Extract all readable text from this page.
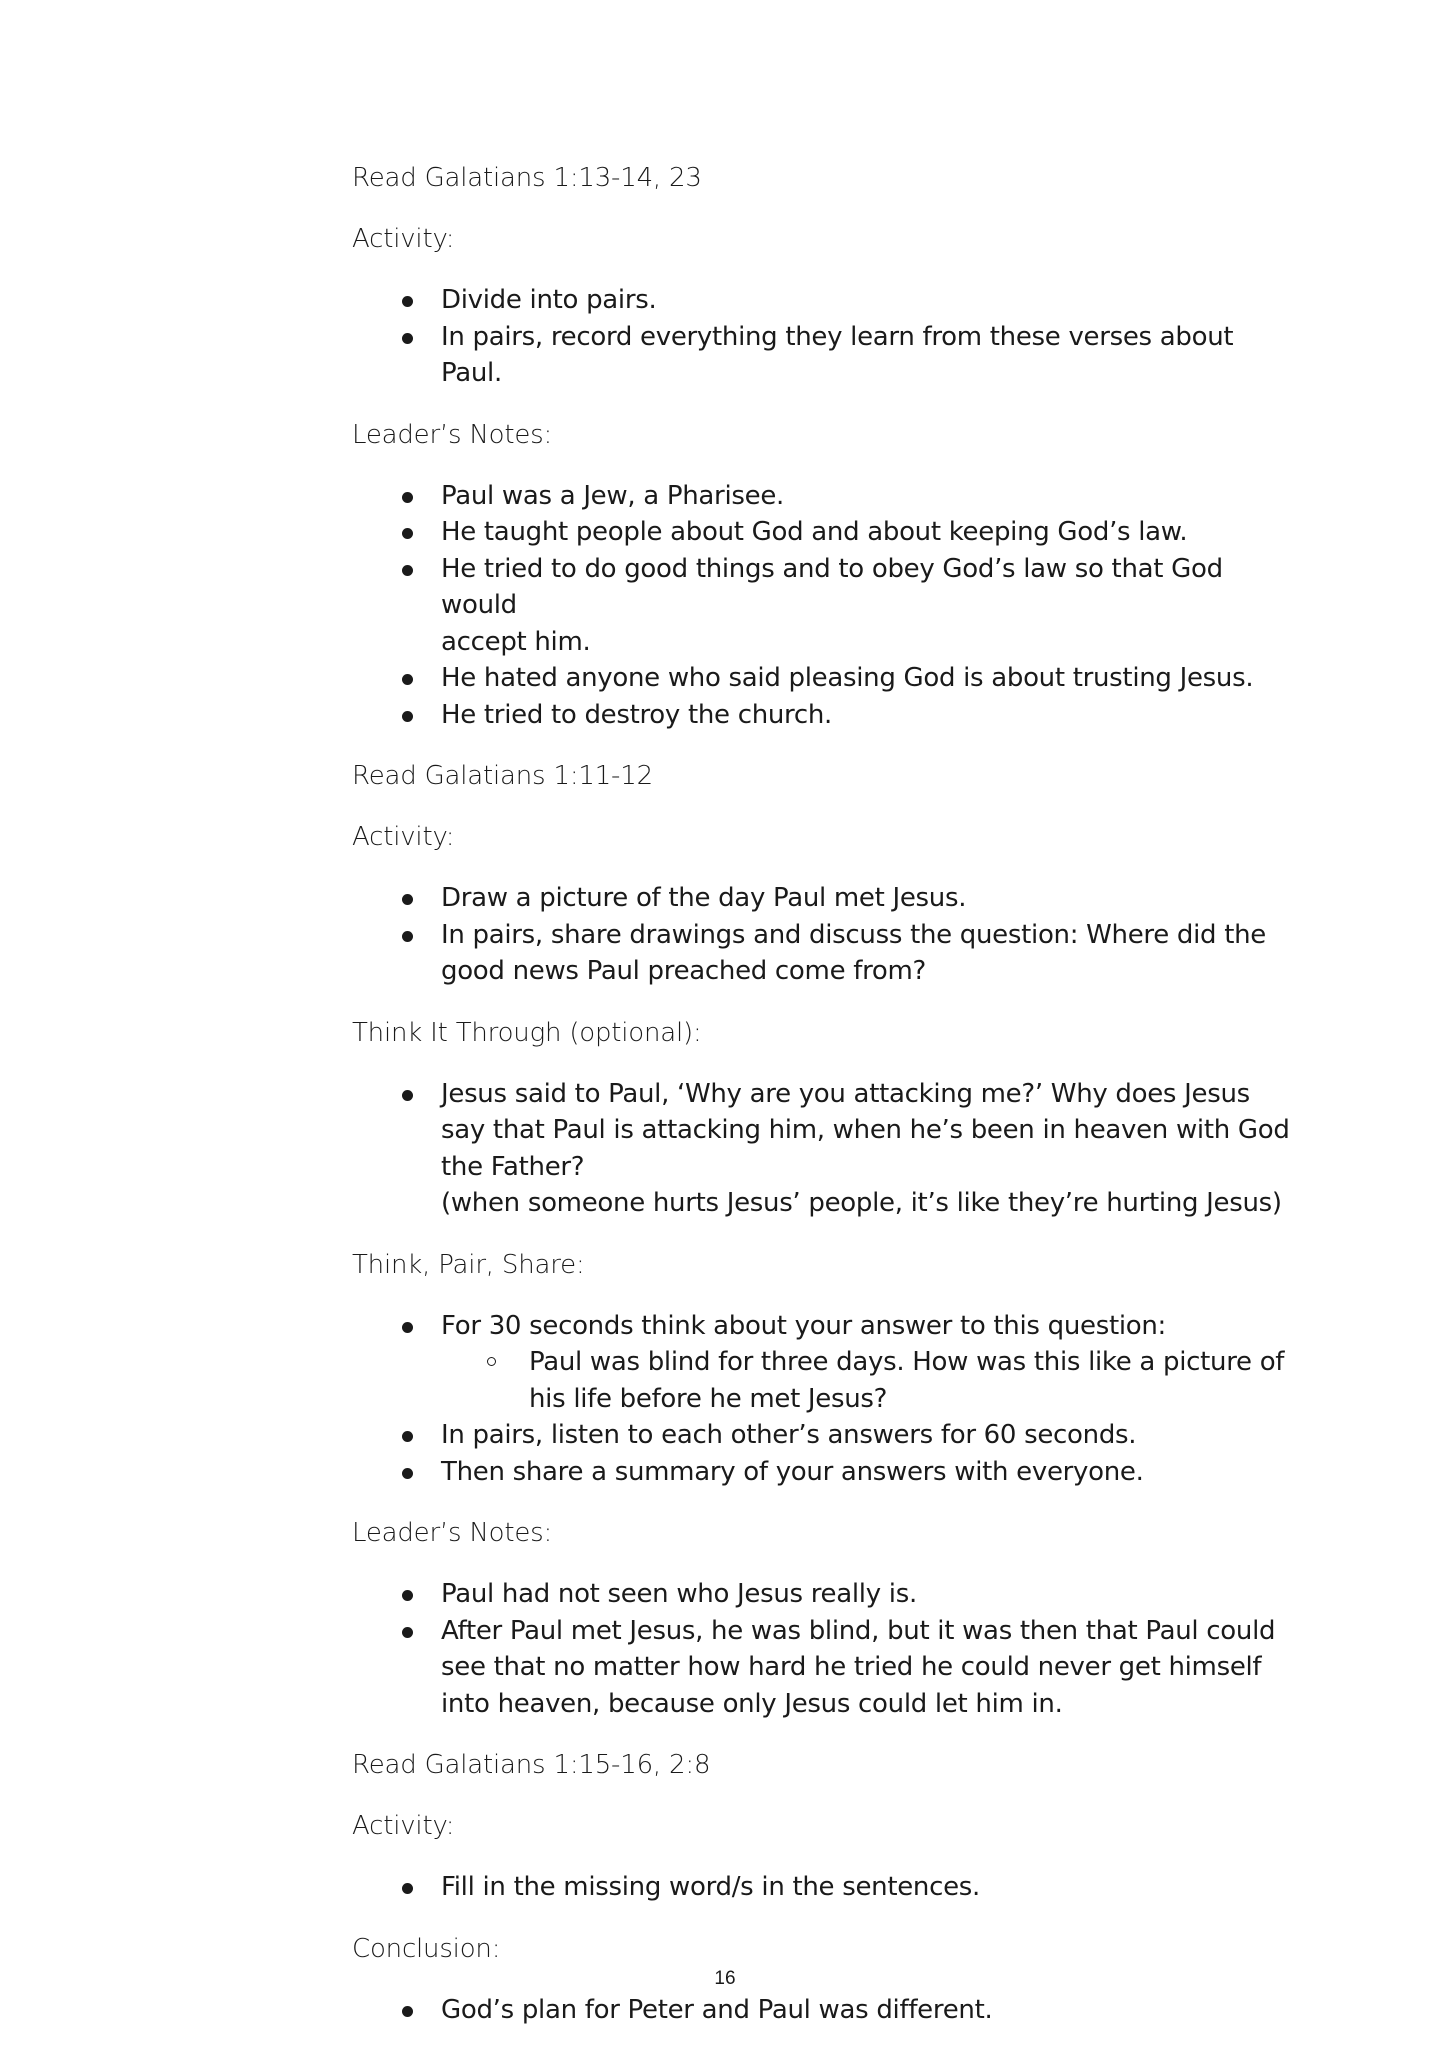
Read Galatians 1:13-14, 23
Activity:
Divide into pairs.
In pairs, record everything they learn from these verses about Paul.
Leader’s Notes:
Paul was a Jew, a Pharisee.
He taught people about God and about keeping God’s law.
He tried to do good things and to obey God’s law so that God would
accept him.
He hated anyone who said pleasing God is about trusting Jesus.
He tried to destroy the church.
Read Galatians 1:11-12
Activity:
Draw a picture of the day Paul met Jesus.
In pairs, share drawings and discuss the question: Where did the
good news Paul preached come from?
Think It Through (optional):
Jesus said to Paul, ‘Why are you attacking me?’ Why does Jesus
say that Paul is attacking him, when he’s been in heaven with God
the Father?
(when someone hurts Jesus’ people, it’s like they’re hurting Jesus)
Think, Pair, Share:
For 30 seconds think about your answer to this question:
Paul was blind for three days. How was this like a picture of
his life before he met Jesus?
In pairs, listen to each other’s answers for 60 seconds.
Then share a summary of your answers with everyone.
Leader’s Notes:
Paul had not seen who Jesus really is.
After Paul met Jesus, he was blind, but it was then that Paul could
see that no matter how hard he tried he could never get himself
into heaven, because only Jesus could let him in.
Read Galatians 1:15-16, 2:8
Activity:
Fill in the missing word/s in the sentences.
Conclusion:
God’s plan for Peter and Paul was different.
16
